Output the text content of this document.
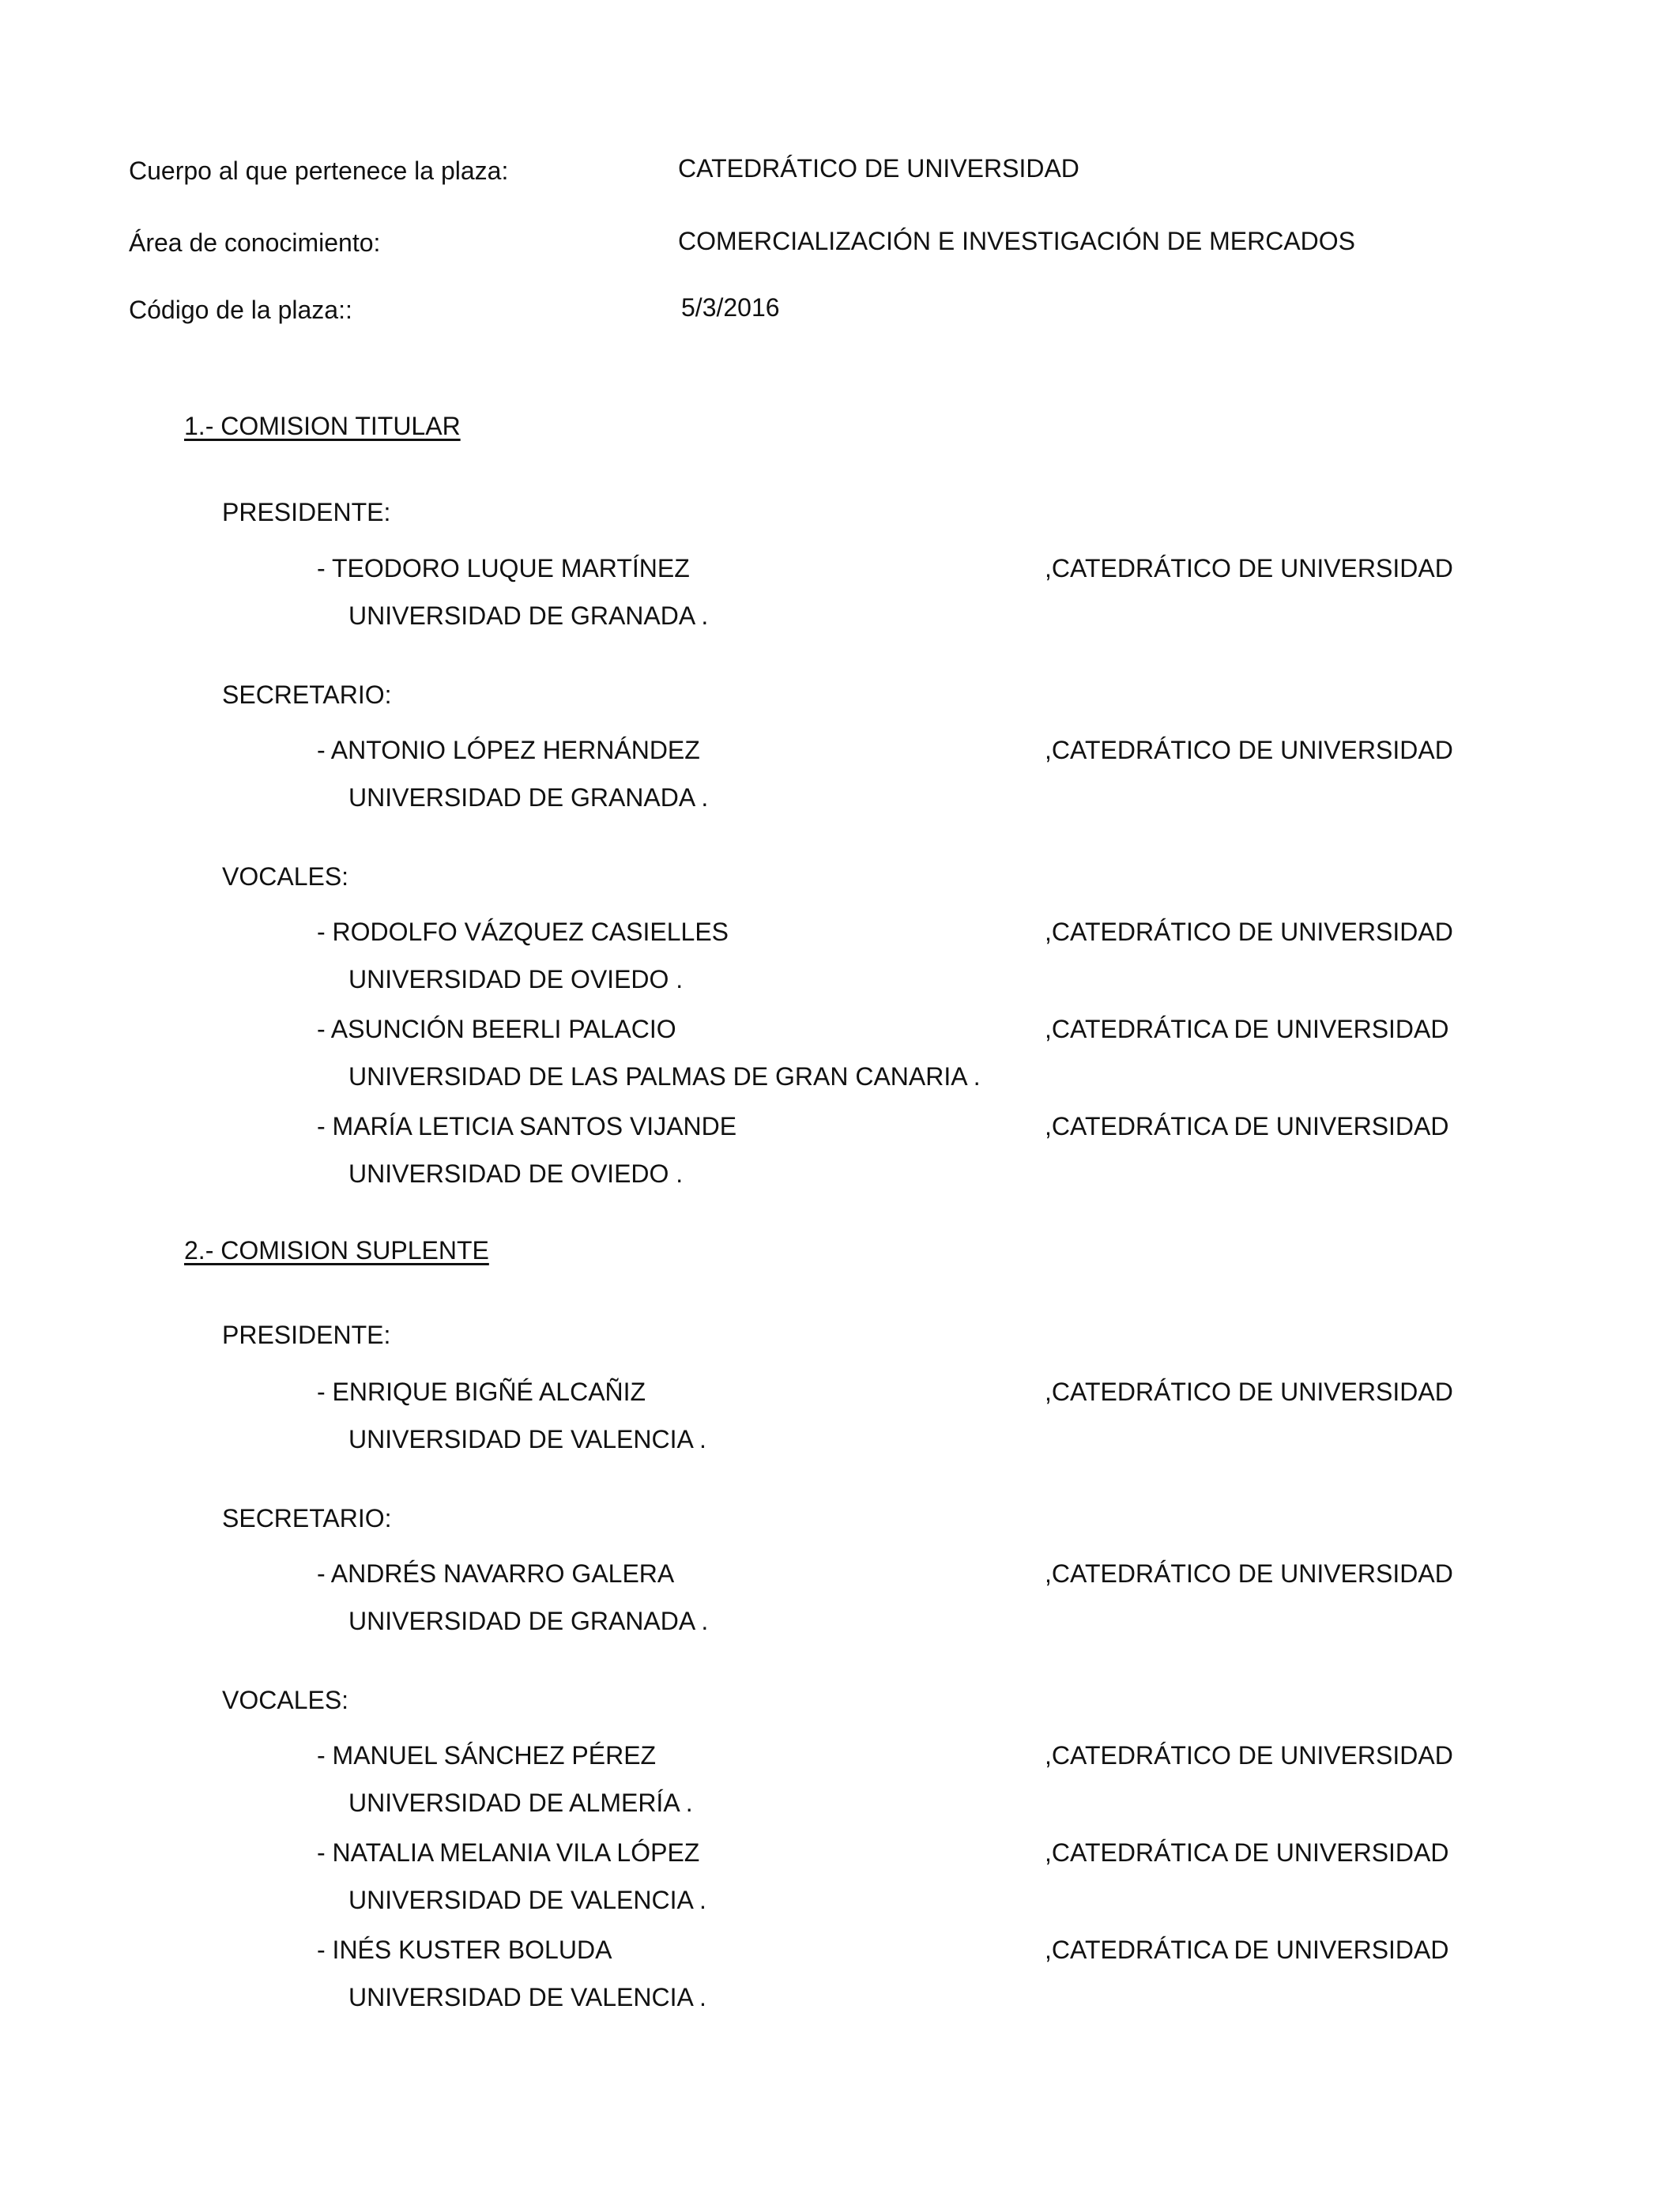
Cuerpo al que pertenece la plaza:	CATEDRÁTICO DE UNIVERSIDAD
Área de conocimiento:	COMERCIALIZACIÓN E INVESTIGACIÓN DE MERCADOS
Código de la plaza::	5/3/2016
1.- COMISION TITULAR
PRESIDENTE:
- TEODORO LUQUE MARTÍNEZ	,CATEDRÁTICO DE UNIVERSIDAD
UNIVERSIDAD DE GRANADA .
SECRETARIO:
- ANTONIO LÓPEZ HERNÁNDEZ	,CATEDRÁTICO DE UNIVERSIDAD
UNIVERSIDAD DE GRANADA .
VOCALES:
- RODOLFO VÁZQUEZ CASIELLES	,CATEDRÁTICO DE UNIVERSIDAD
UNIVERSIDAD DE OVIEDO .
- ASUNCIÓN BEERLI PALACIO	,CATEDRÁTICA DE UNIVERSIDAD
UNIVERSIDAD DE LAS PALMAS DE GRAN CANARIA .
- MARÍA LETICIA SANTOS VIJANDE	,CATEDRÁTICA DE UNIVERSIDAD
UNIVERSIDAD DE OVIEDO .
2.- COMISION SUPLENTE
PRESIDENTE:
- ENRIQUE BIGÑÉ ALCAÑIZ	,CATEDRÁTICO DE UNIVERSIDAD
UNIVERSIDAD DE VALENCIA .
SECRETARIO:
- ANDRÉS NAVARRO GALERA	,CATEDRÁTICO DE UNIVERSIDAD
UNIVERSIDAD DE GRANADA .
VOCALES:
- MANUEL SÁNCHEZ PÉREZ	,CATEDRÁTICO DE UNIVERSIDAD
UNIVERSIDAD DE ALMERÍA .
- NATALIA MELANIA VILA LÓPEZ	,CATEDRÁTICA DE UNIVERSIDAD
UNIVERSIDAD DE VALENCIA .
- INÉS KUSTER BOLUDA	,CATEDRÁTICA DE UNIVERSIDAD
UNIVERSIDAD DE VALENCIA .
